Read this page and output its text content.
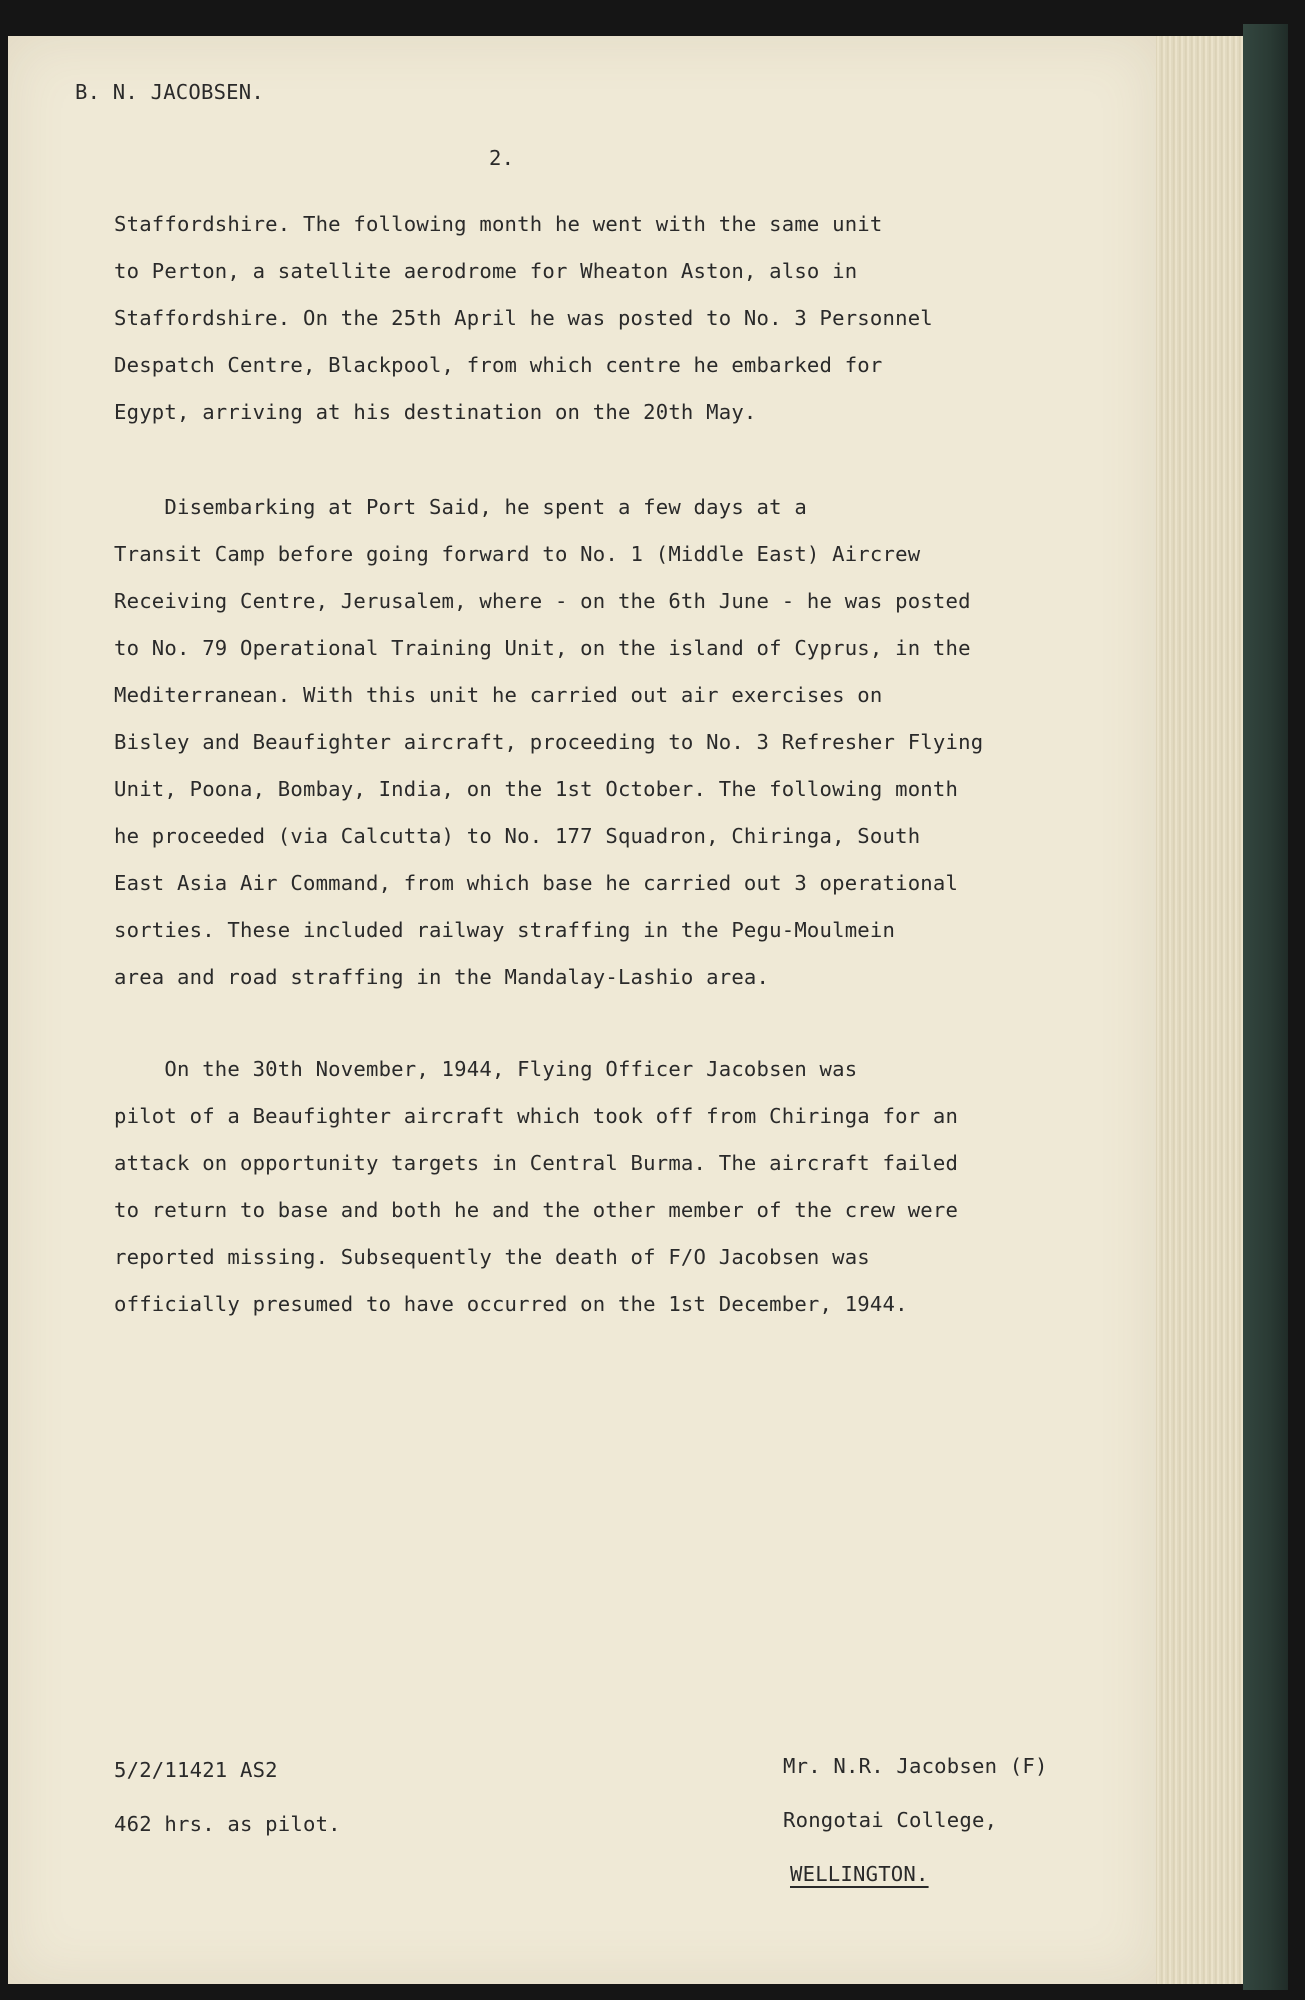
B. N. JACOBSEN.
2.
Staffordshire. The following month he went with the same unit
to Perton, a satellite aerodrome for Wheaton Aston, also in
Staffordshire. On the 25th April he was posted to No. 3 Personnel
Despatch Centre, Blackpool, from which centre he embarked for
Egypt, arriving at his destination on the 20th May.
Disembarking at Port Said, he spent a few days at a
Transit Camp before going forward to No. 1 (Middle East) Aircrew
Receiving Centre, Jerusalem, where - on the 6th June - he was posted
to No. 79 Operational Training Unit, on the island of Cyprus, in the
Mediterranean. With this unit he carried out air exercises on
Bisley and Beaufighter aircraft, proceeding to No. 3 Refresher Flying
Unit, Poona, Bombay, India, on the 1st October. The following month
he proceeded (via Calcutta) to No. 177 Squadron, Chiringa, South
East Asia Air Command, from which base he carried out 3 operational
sorties. These included railway straffing in the Pegu-Moulmein
area and road straffing in the Mandalay-Lashio area.
On the 30th November, 1944, Flying Officer Jacobsen was
pilot of a Beaufighter aircraft which took off from Chiringa for an
attack on opportunity targets in Central Burma. The aircraft failed
to return to base and both he and the other member of the crew were
reported missing. Subsequently the death of F/O Jacobsen was
officially presumed to have occurred on the 1st December, 1944.
5/2/11421 AS2
462 hrs. as pilot.
Mr. N.R. Jacobsen (F)
Rongotai College,
WELLINGTON.
